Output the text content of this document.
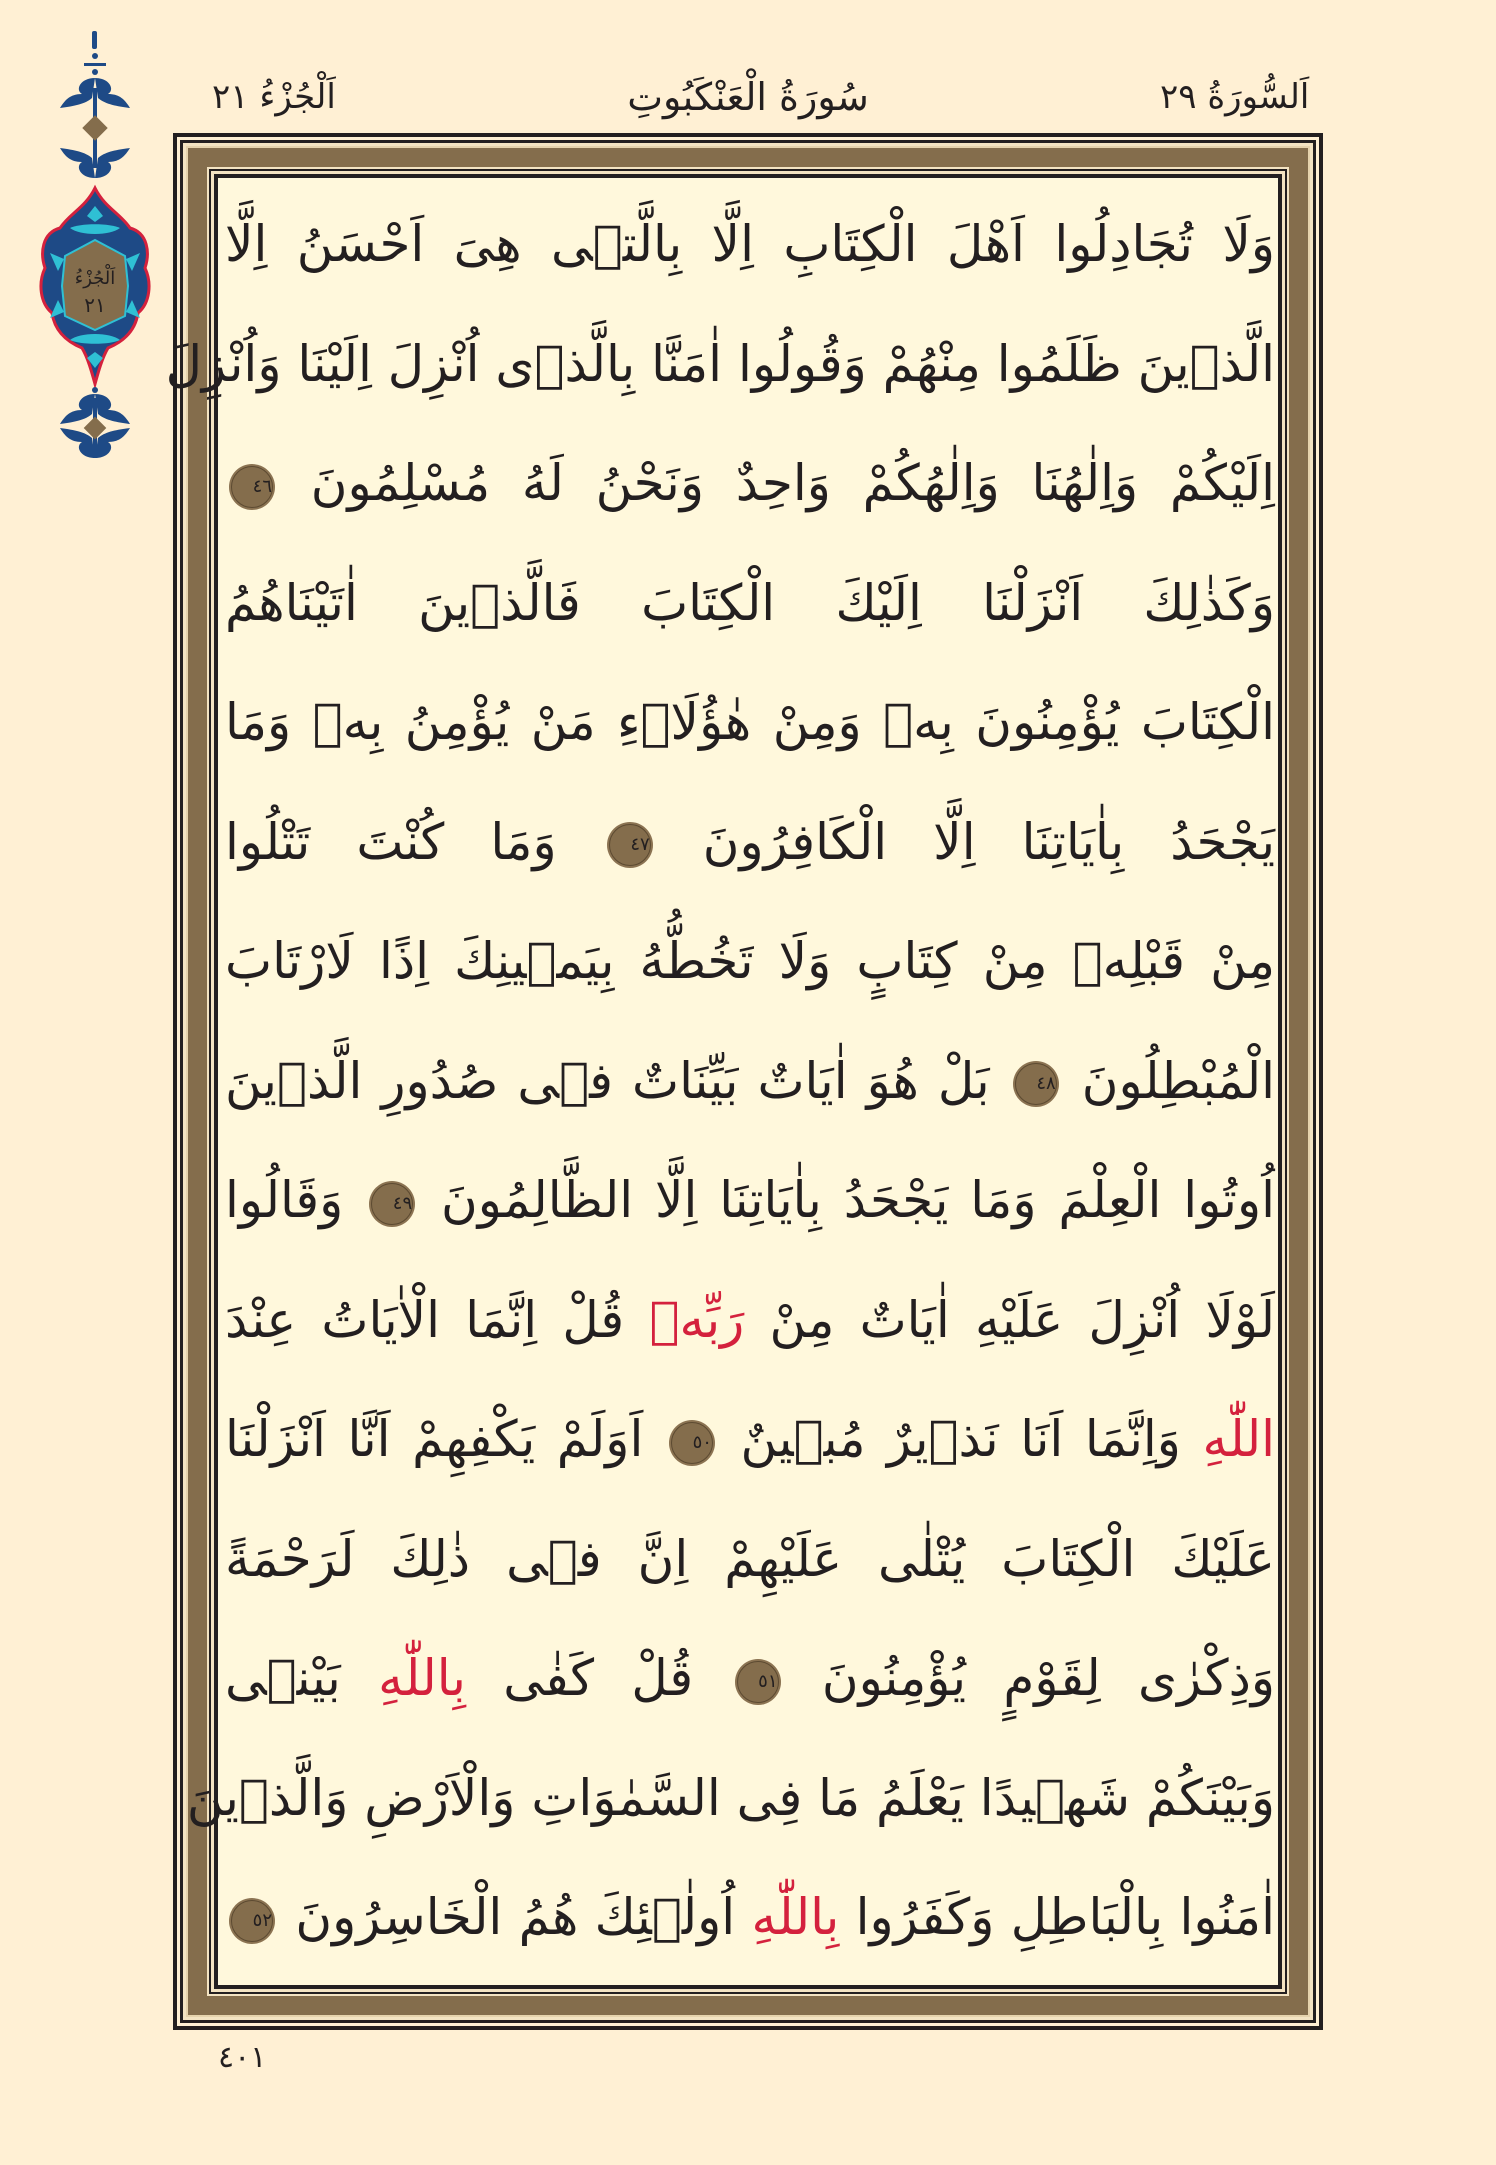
اَلْجُزْءُ ٢١	سُورَةُ الْعَنْكَبُوتِ	اَلسُّورَةُ ٢٩
اَلْجُزْءُ
٢١
وَلَا تُجَادِلُوا اَهْلَ الْكِتَابِ اِلَّا بِالَّتٖى هِىَ اَحْسَنُ اِلَّا
الَّذٖينَ ظَلَمُوا مِنْهُمْ وَقُولُوا اٰمَنَّا بِالَّذٖى اُنْزِلَ اِلَيْنَا وَاُنْزِلَ
اِلَيْكُمْ وَاِلٰهُنَا وَاِلٰهُكُمْ وَاحِدٌ وَنَحْنُ لَهُ مُسْلِمُونَ ٤٦
وَكَذٰلِكَ اَنْزَلْنَا اِلَيْكَ الْكِتَابَ فَالَّذٖينَ اٰتَيْنَاهُمُ
الْكِتَابَ يُؤْمِنُونَ بِهٖ وَمِنْ هٰؤُلَاۤءِ مَنْ يُؤْمِنُ بِهٖ وَمَا
يَجْحَدُ بِاٰيَاتِنَا اِلَّا الْكَافِرُونَ ٤٧ وَمَا كُنْتَ تَتْلُوا
مِنْ قَبْلِهٖ مِنْ كِتَابٍ وَلَا تَخُطُّهُ بِيَمٖينِكَ اِذًا لَارْتَابَ
الْمُبْطِلُونَ ٤٨ بَلْ هُوَ اٰيَاتٌ بَيِّنَاتٌ فٖى صُدُورِ الَّذٖينَ
اُوتُوا الْعِلْمَ وَمَا يَجْحَدُ بِاٰيَاتِنَا اِلَّا الظَّالِمُونَ ٤٩ وَقَالُوا
لَوْلَا اُنْزِلَ عَلَيْهِ اٰيَاتٌ مِنْ رَبِّهٖ قُلْ اِنَّمَا الْاٰيَاتُ عِنْدَ
اللّٰهِ وَاِنَّمَا اَنَا نَذٖيرٌ مُبٖينٌ ٥٠ اَوَلَمْ يَكْفِهِمْ اَنَّا اَنْزَلْنَا
عَلَيْكَ الْكِتَابَ يُتْلٰى عَلَيْهِمْ اِنَّ فٖى ذٰلِكَ لَرَحْمَةً
وَذِكْرٰى لِقَوْمٍ يُؤْمِنُونَ ٥١ قُلْ كَفٰى بِاللّٰهِ بَيْنٖى
وَبَيْنَكُمْ شَهٖيدًا يَعْلَمُ مَا فِى السَّمٰوَاتِ وَالْاَرْضِ وَالَّذٖينَ
اٰمَنُوا بِالْبَاطِلِ وَكَفَرُوا بِاللّٰهِ اُولٰۤئِكَ هُمُ الْخَاسِرُونَ ٥٢
٤٠١
